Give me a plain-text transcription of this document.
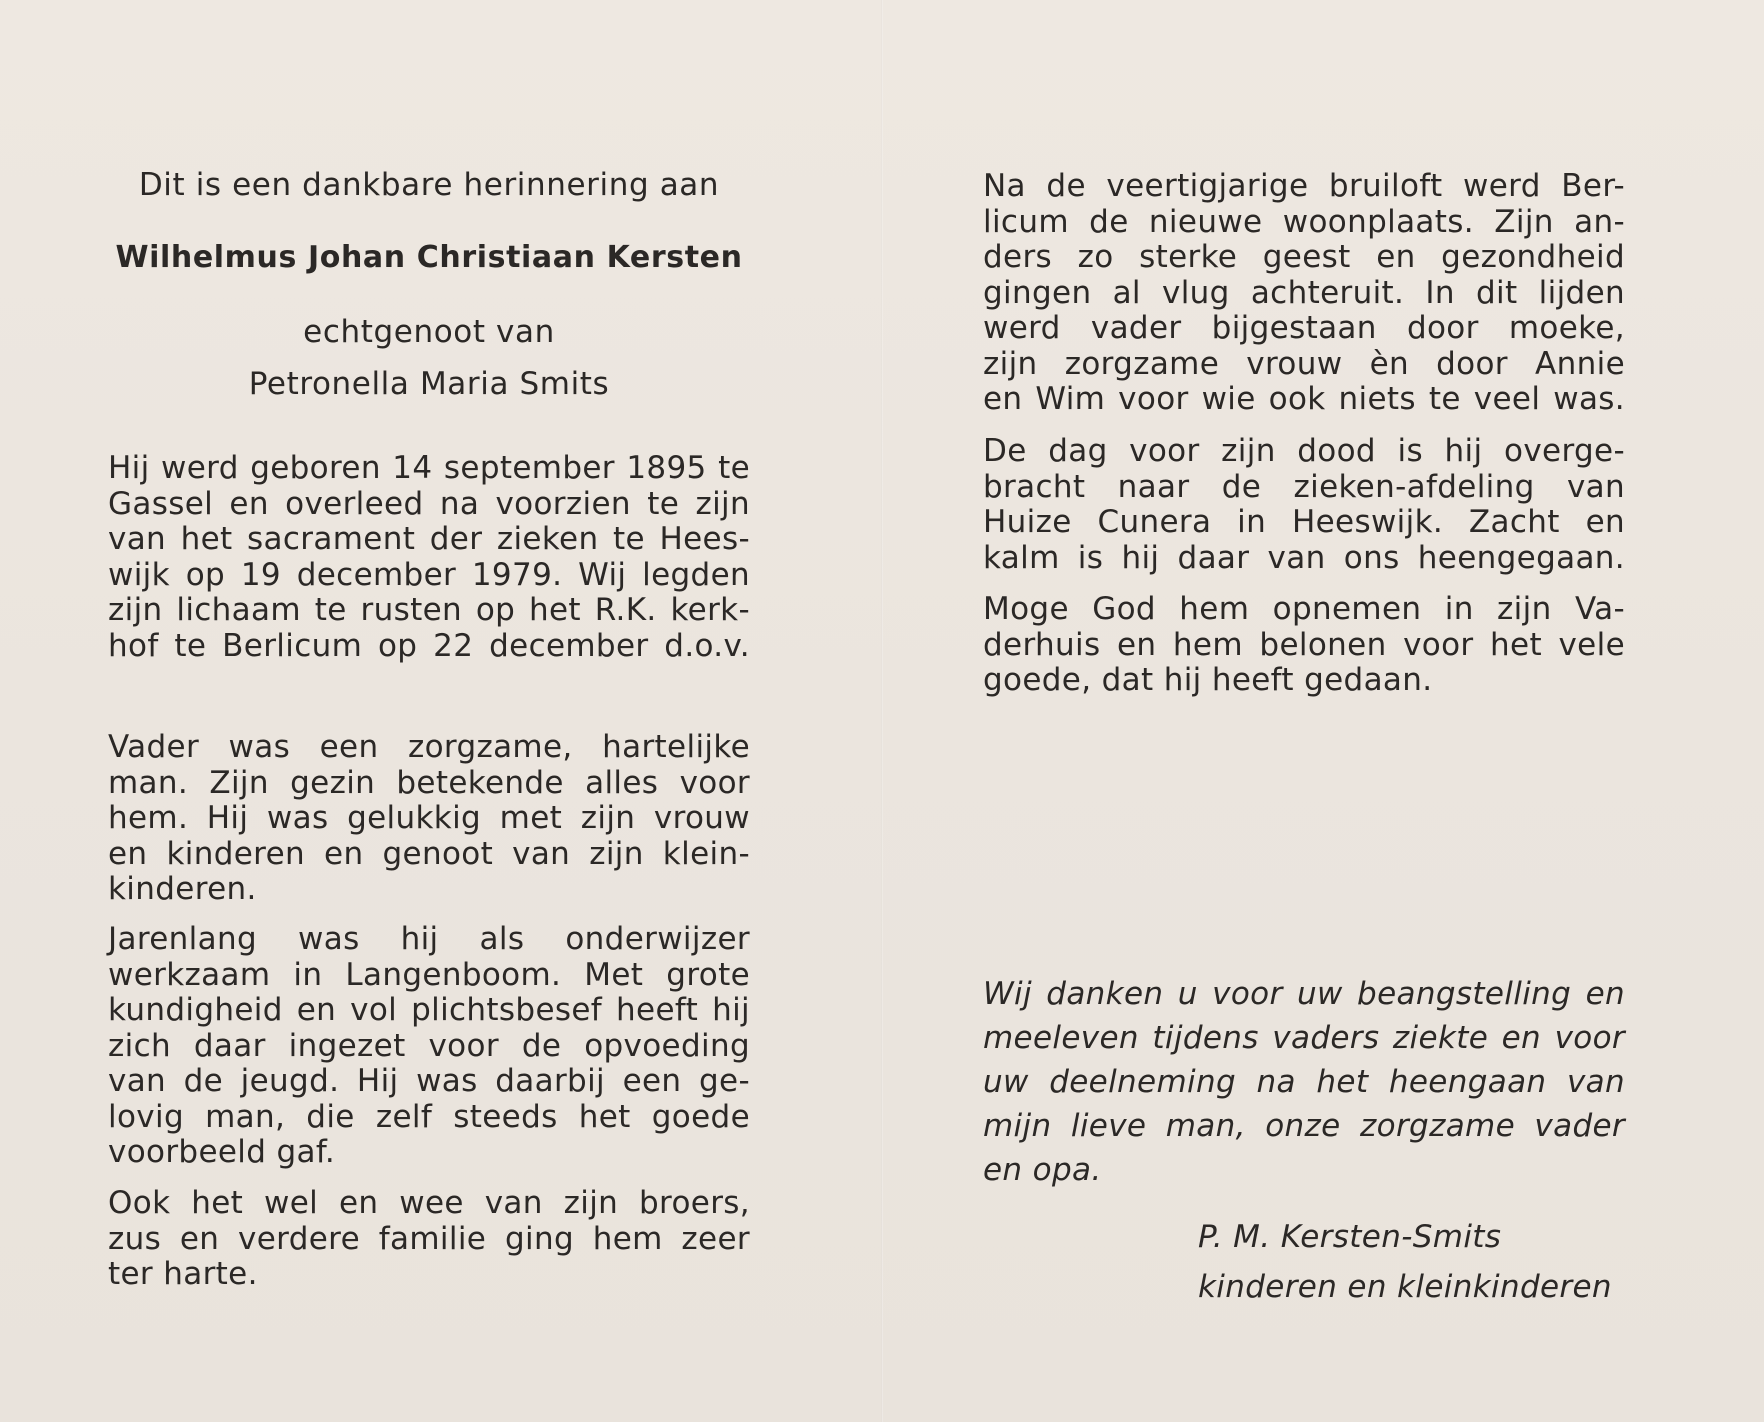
Dit is een dankbare herinnering aan
Wilhelmus Johan Christiaan Kersten
echtgenoot van
Petronella Maria Smits
Hij werd geboren 14 september 1895 te
Gassel en overleed na voorzien te zijn
van het sacrament der zieken te Hees-
wijk op 19 december 1979. Wij legden
zijn lichaam te rusten op het R.K. kerk-
hof te Berlicum op 22 december d.o.v.
Vader was een zorgzame, hartelijke
man. Zijn gezin betekende alles voor
hem. Hij was gelukkig met zijn vrouw
en kinderen en genoot van zijn klein-
kinderen.
Jarenlang was hij als onderwijzer
werkzaam in Langenboom. Met grote
kundigheid en vol plichtsbesef heeft hij
zich daar ingezet voor de opvoeding
van de jeugd. Hij was daarbij een ge-
lovig man, die zelf steeds het goede
voorbeeld gaf.
Ook het wel en wee van zijn broers,
zus en verdere familie ging hem zeer
ter harte.
Na de veertigjarige bruiloft werd Ber-
licum de nieuwe woonplaats. Zijn an-
ders zo sterke geest en gezondheid
gingen al vlug achteruit. In dit lijden
werd vader bijgestaan door moeke,
zijn zorgzame vrouw èn door Annie
en Wim voor wie ook niets te veel was.
De dag voor zijn dood is hij overge-
bracht naar de zieken-afdeling van
Huize Cunera in Heeswijk. Zacht en
kalm is hij daar van ons heengegaan.
Moge God hem opnemen in zijn Va-
derhuis en hem belonen voor het vele
goede, dat hij heeft gedaan.
Wij danken u voor uw beangstelling en
meeleven tijdens vaders ziekte en voor
uw deelneming na het heengaan van
mijn lieve man, onze zorgzame vader
en opa.
P. M. Kersten-Smits
kinderen en kleinkinderen
